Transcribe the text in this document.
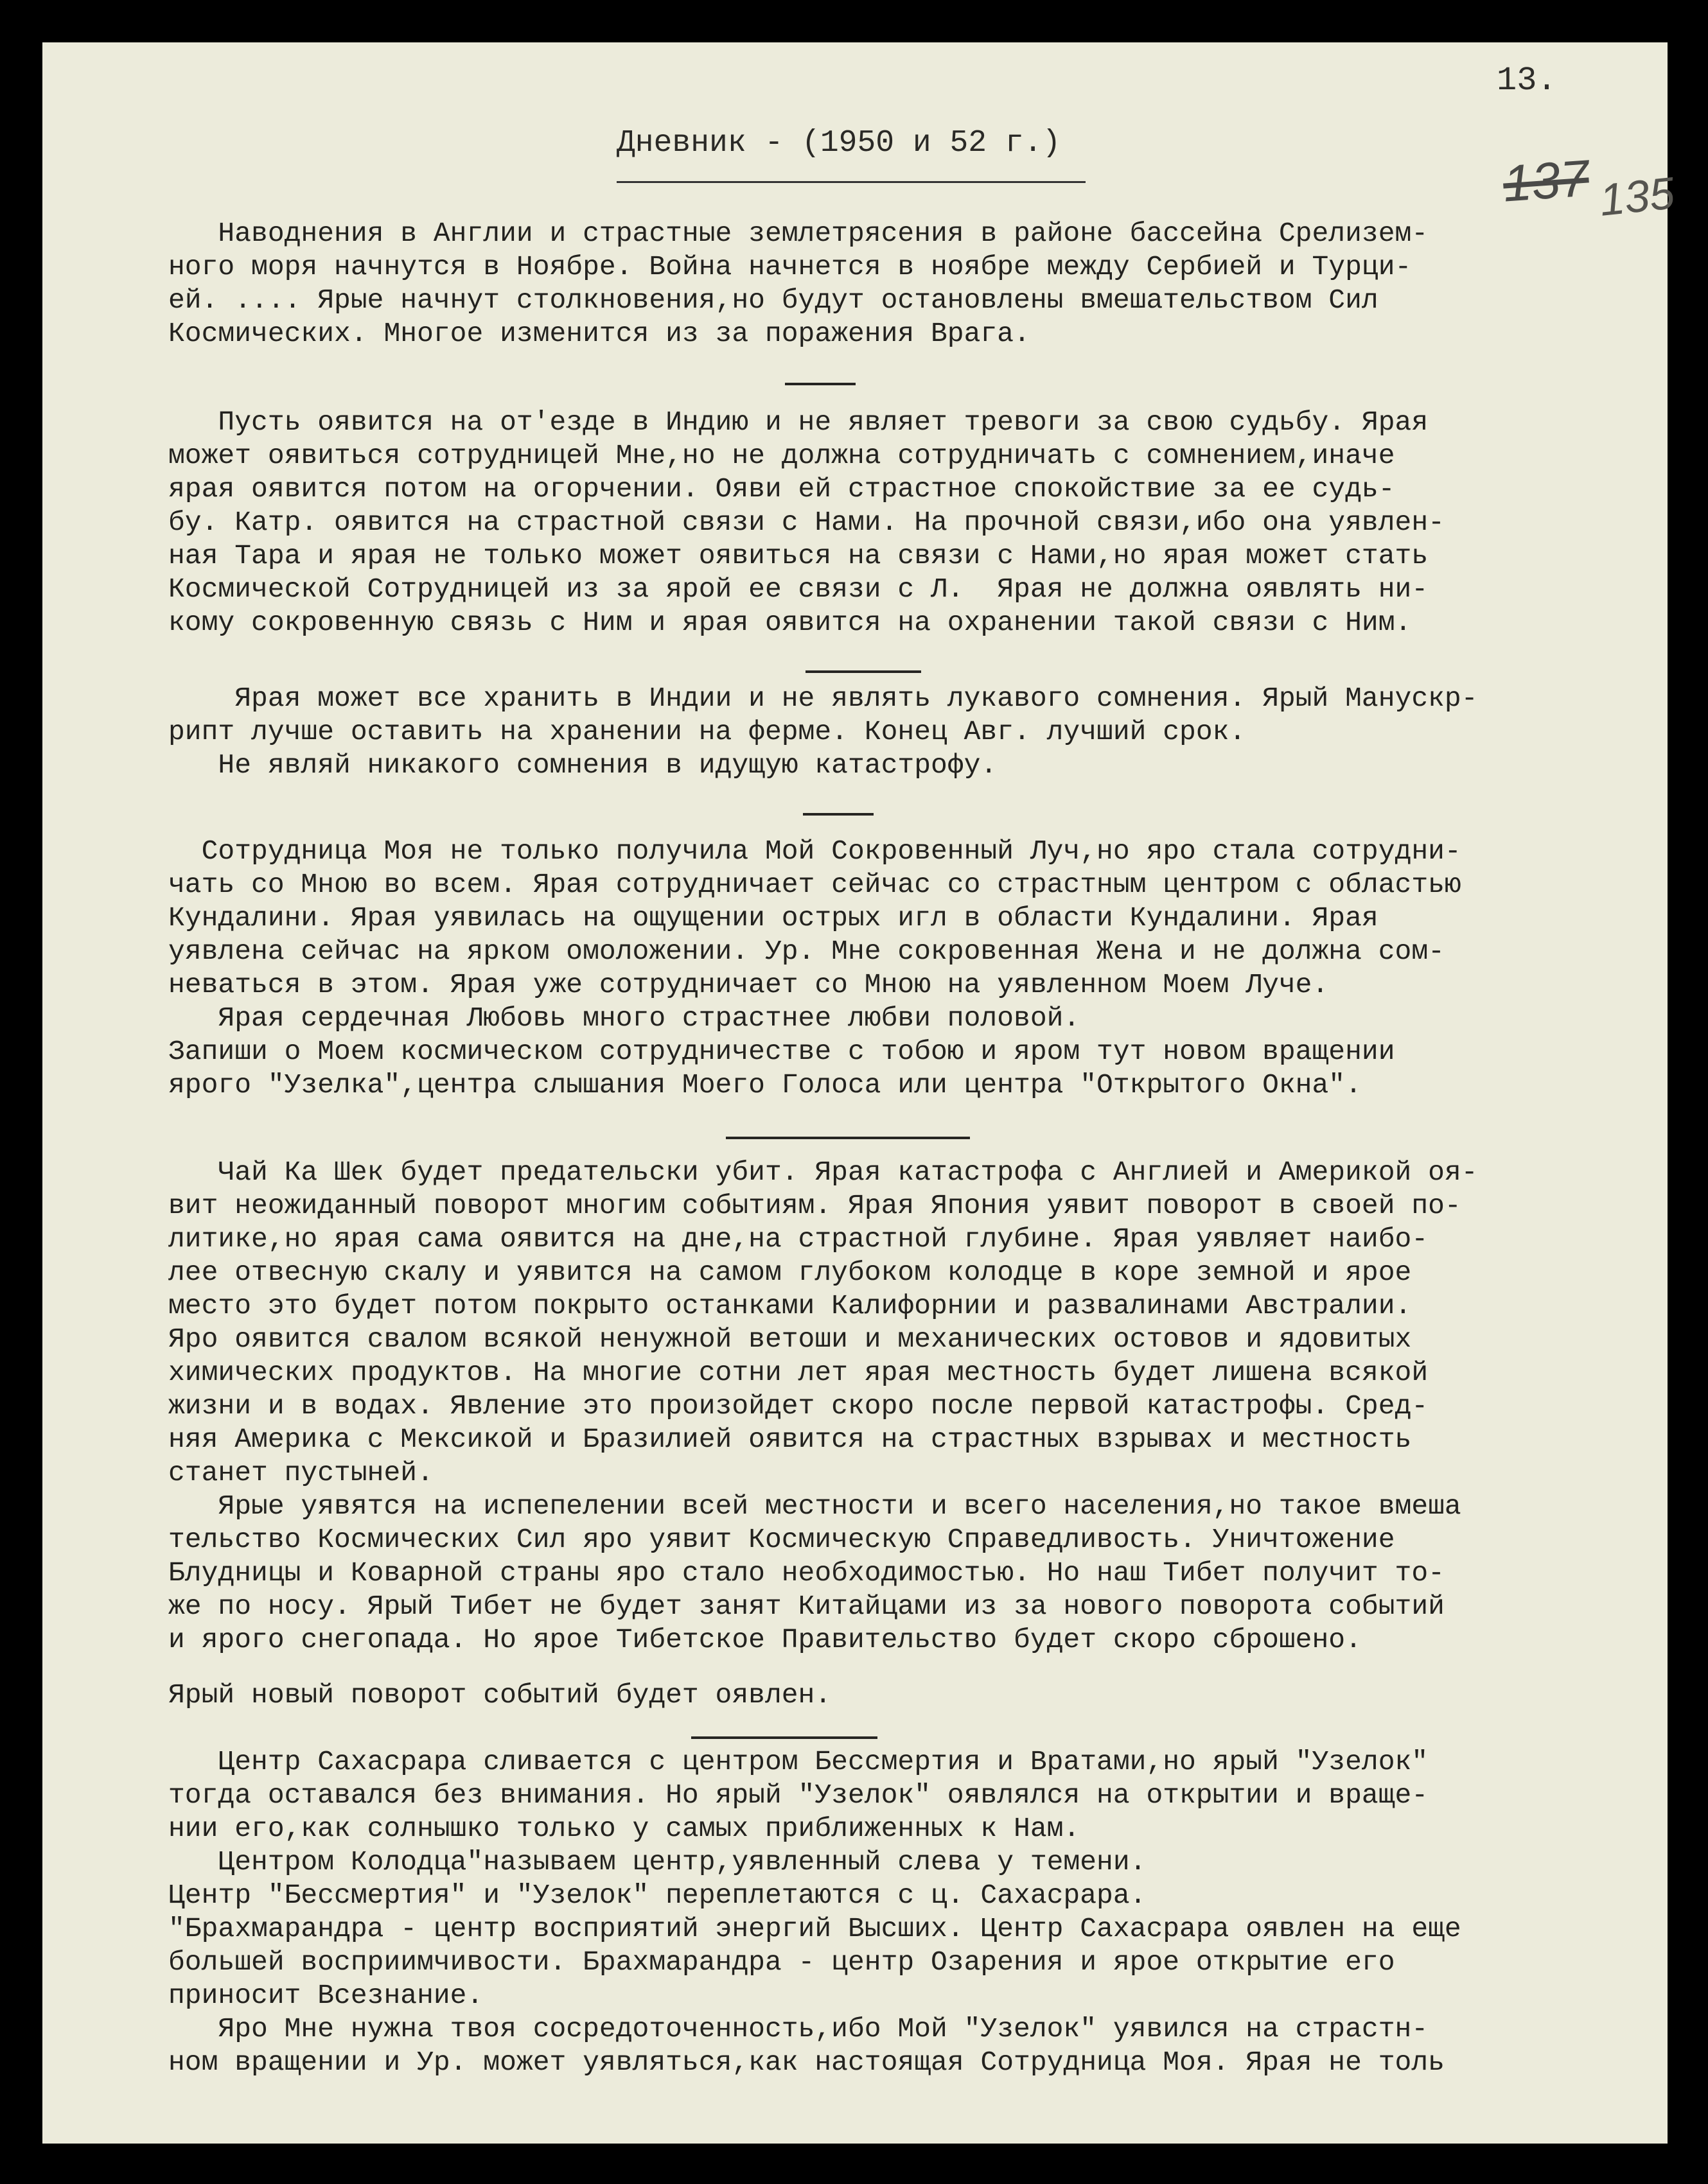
13.
137 135
Дневник - (1950 и 52 г.)
Наводнения в Англии и страстные землетрясения в районе бассейна Срелизем-
ного моря начнутся в Ноябре. Война начнется в ноябре между Сербией и Турци-
ей. .... Ярые начнут столкновения,но будут остановлены вмешательством Сил
Космических. Многое изменится из за поражения Врага.
Пусть оявится на от'езде в Индию и не являет тревоги за свою судьбу. Ярая
может оявиться сотрудницей Мне,но не должна сотрудничать с сомнением,иначе
ярая оявится потом на огорчении. Ояви ей страстное спокойствие за ее судь-
бу. Катр. оявится на страстной связи с Нами. На прочной связи,ибо она уявлен-
ная Тара и ярая не только может оявиться на связи с Нами,но ярая может стать
Космической Сотрудницей из за ярой ее связи с Л.  Ярая не должна оявлять ни-
кому сокровенную связь с Ним и ярая оявится на охранении такой связи с Ним.
Ярая может все хранить в Индии и не являть лукавого сомнения. Ярый Манускр-
рипт лучше оставить на хранении на ферме. Конец Авг. лучший срок.
Не являй никакого сомнения в идущую катастрофу.
Сотрудница Моя не только получила Мой Сокровенный Луч,но яро стала сотрудни-
чать со Мною во всем. Ярая сотрудничает сейчас со страстным центром с областью
Кундалини. Ярая уявилась на ощущении острых игл в области Кундалини. Ярая
уявлена сейчас на ярком омоложении. Ур. Мне сокровенная Жена и не должна сом-
неваться в этом. Ярая уже сотрудничает со Мною на уявленном Моем Луче.
Ярая сердечная Любовь много страстнее любви половой.
Запиши о Моем космическом сотрудничестве с тобою и яром тут новом вращении
ярого "Узелка",центра слышания Моего Голоса или центра "Открытого Окна".
Чай Ка Шек будет предательски убит. Ярая катастрофа с Англией и Америкой оя-
вит неожиданный поворот многим событиям. Ярая Япония уявит поворот в своей по-
литике,но ярая сама оявится на дне,на страстной глубине. Ярая уявляет наибо-
лее отвесную скалу и уявится на самом глубоком колодце в коре земной и ярое
место это будет потом покрыто останками Калифорнии и развалинами Австралии.
Яро оявится свалом всякой ненужной ветоши и механических остовов и ядовитых
химических продуктов. На многие сотни лет ярая местность будет лишена всякой
жизни и в водах. Явление это произойдет скоро после первой катастрофы. Сред-
няя Америка с Мексикой и Бразилией оявится на страстных взрывах и местность
станет пустыней.
Ярые уявятся на испепелении всей местности и всего населения,но такое вмеша
тельство Космических Сил яро уявит Космическую Справедливость. Уничтожение
Блудницы и Коварной страны яро стало необходимостью. Но наш Тибет получит то-
же по носу. Ярый Тибет не будет занят Китайцами из за нового поворота событий
и ярого снегопада. Но ярое Тибетское Правительство будет скоро сброшено.
Ярый новый поворот событий будет оявлен.
Центр Сахасрара сливается с центром Бессмертия и Вратами,но ярый "Узелок"
тогда оставался без внимания. Но ярый "Узелок" оявлялся на открытии и враще-
нии его,как солнышко только у самых приближенных к Нам.
Центром Колодца"называем центр,уявленный слева у темени.
Центр "Бессмертия" и "Узелок" переплетаются с ц. Сахасрара.
"Брахмарандра - центр восприятий энергий Высших. Центр Сахасрара оявлен на еще
большей восприимчивости. Брахмарандра - центр Озарения и ярое открытие его
приносит Всезнание.
Яро Мне нужна твоя сосредоточенность,ибо Мой "Узелок" уявился на страстн-
ном вращении и Ур. может уявляться,как настоящая Сотрудница Моя. Ярая не толь
